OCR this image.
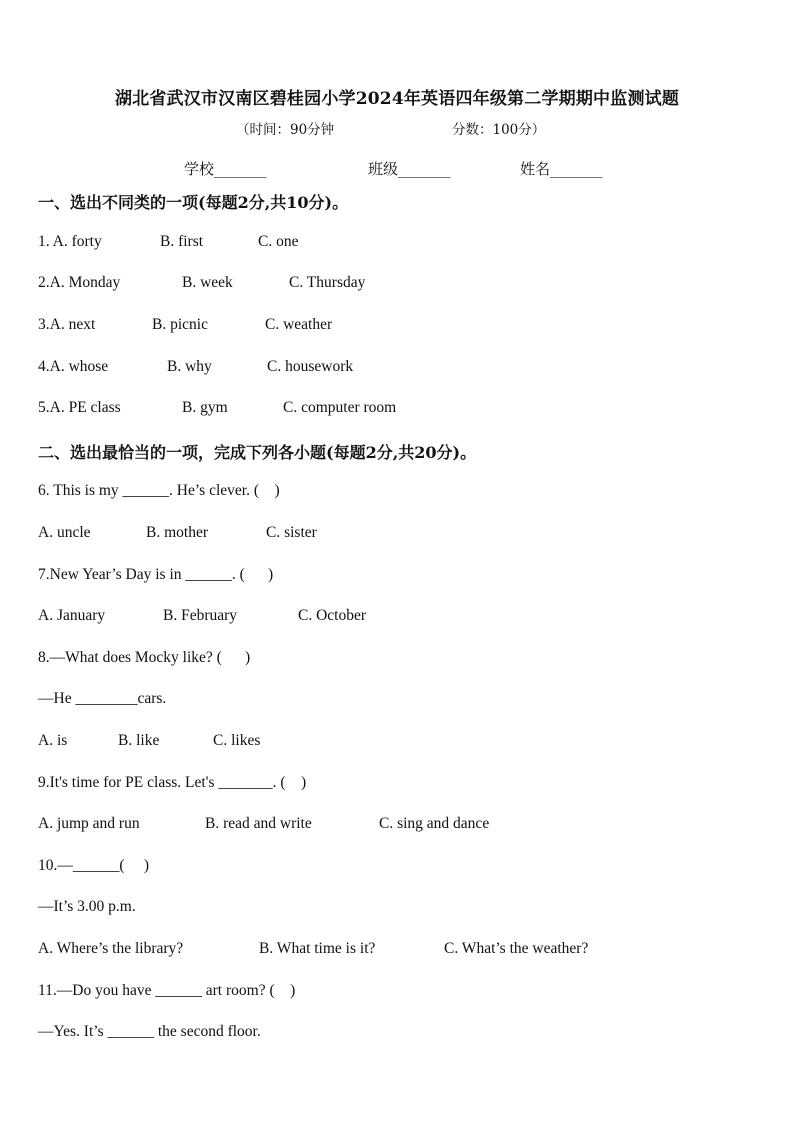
湖北省武汉市汉南区碧桂园小学2024年英语四年级第二学期期中监测试题
（时间：90分钟	分数：100分）
学校_______	班级_______	姓名_______
一、选出不同类的一项(每题2分,共10分)。
1. A. forty	B. first	C. one
2.A. Monday	B. week	C. Thursday
3.A. next	B. picnic	C. weather
4.A. whose	B. why	C. housework
5.A. PE class	B. gym	C. computer room
二、选出最恰当的一项，完成下列各小题(每题2分,共20分)。
6. This is my ______. He’s clever. (    )
A. uncle	B. mother	C. sister
7.New Year’s Day is in ______. (      )
A. January	B. February	C. October
8.—What does Mocky like? (      )
—He ________cars.
A. is	B. like	C. likes
9.It's time for PE class. Let's _______. (    )
A. jump and run	B. read and write	C. sing and dance
10.—______(     )
—It’s 3.00 p.m.
A. Where’s the library?	B. What time is it?	C. What’s the weather?
11.—Do you have ______ art room? (    )
—Yes. It’s ______ the second floor.
